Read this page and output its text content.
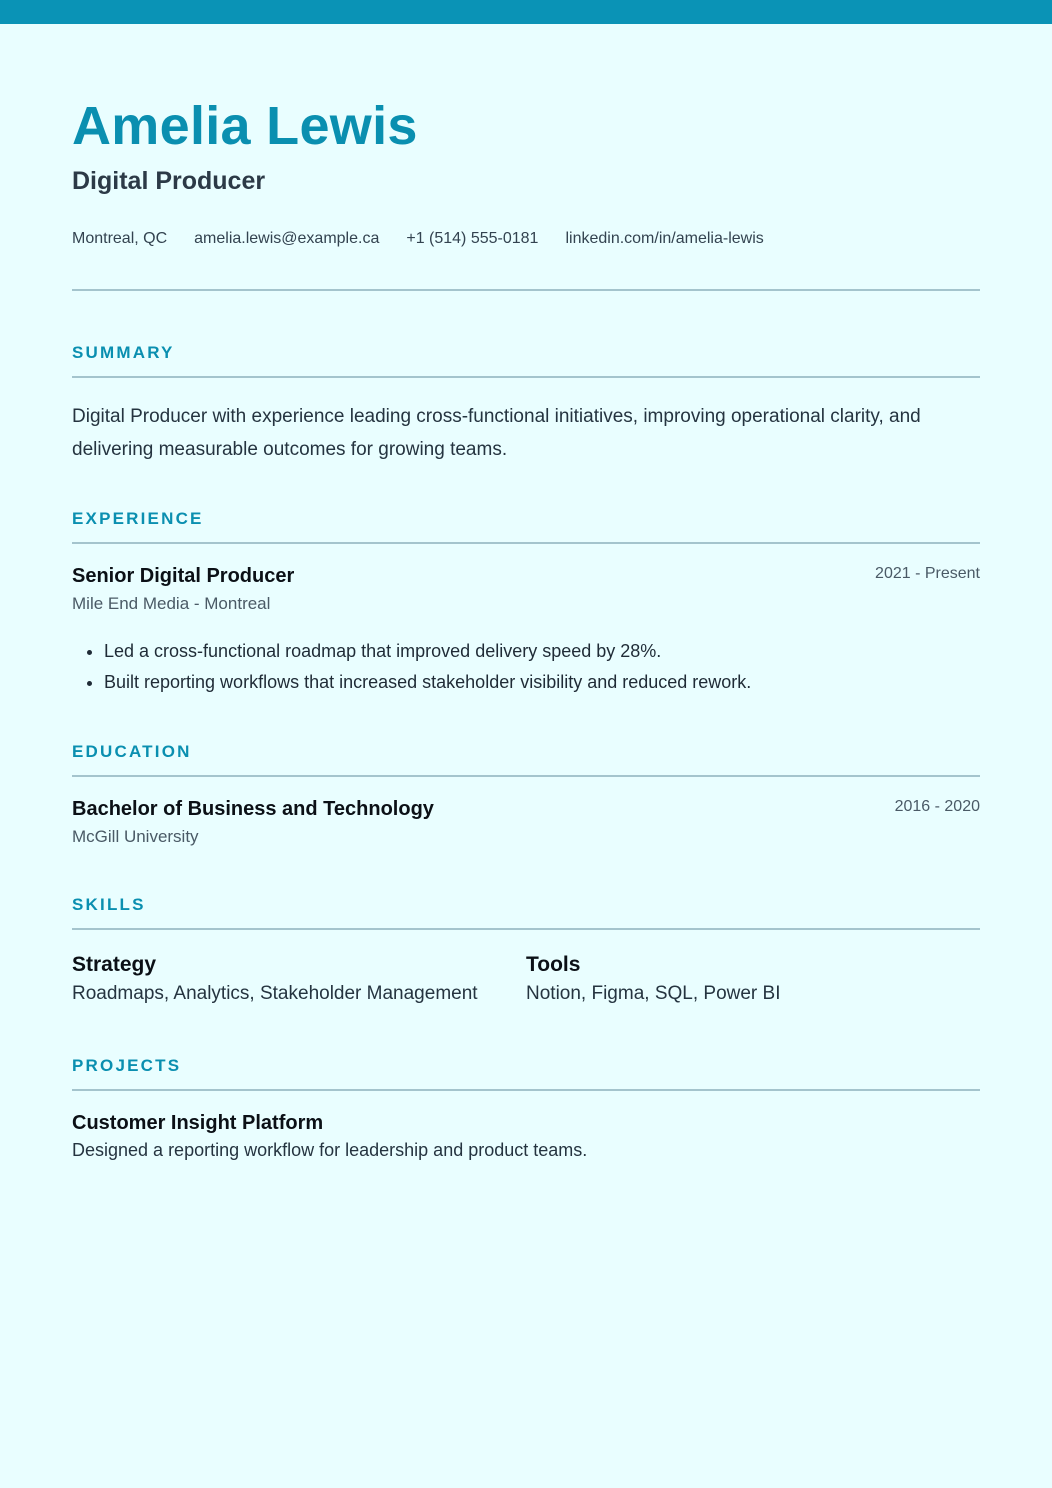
Amelia Lewis
Digital Producer
Montreal, QC amelia.lewis@example.ca +1 (514) 555-0181 linkedin.com/in/amelia-lewis
SUMMARY

Digital Producer with experience leading cross-functional initiatives, improving operational clarity, and delivering measurable outcomes for growing teams.

EXPERIENCE
Senior Digital Producer	2021 - Present
Mile End Media - Montreal
• Led a cross-functional roadmap that improved delivery speed by 28%.
• Built reporting workflows that increased stakeholder visibility and reduced rework.
EDUCATION
Bachelor of Business and Technology	2016 - 2020
McGill University
SKILLS
Strategy
Roadmaps, Analytics, Stakeholder Management
Tools
Notion, Figma, SQL, Power BI
PROJECTS
Customer Insight Platform
Designed a reporting workflow for leadership and product teams.
